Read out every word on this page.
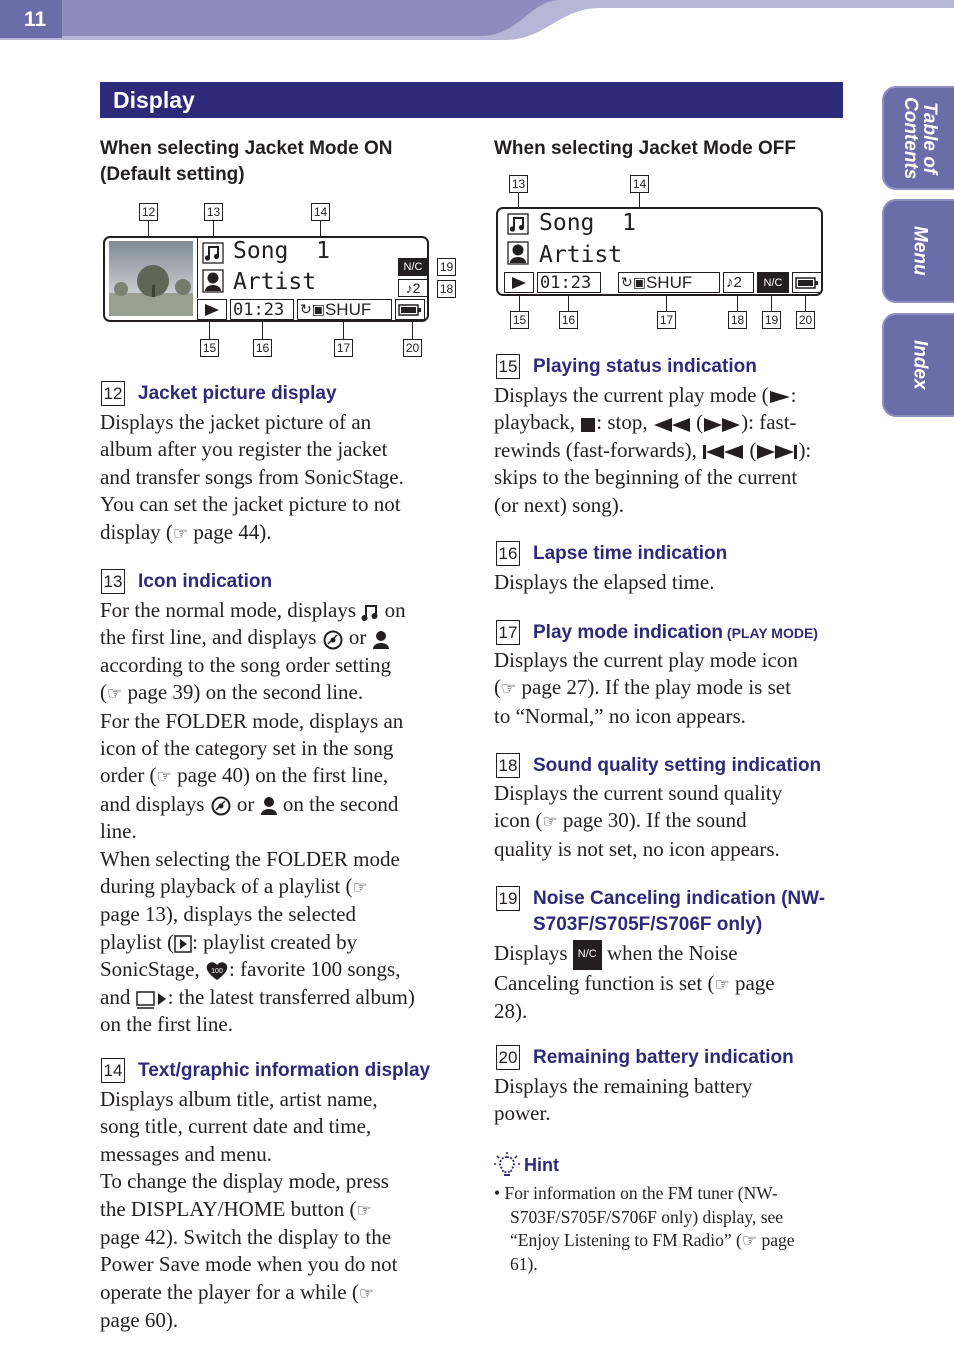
11
Table of
Contents
Menu
Index
Display
When selecting Jacket Mode ON
(Default setting)
12	13	14
Song  1
Artist
N/C
♪2
01:23	↻ ▣ SHUF
19
18
15	16	17	20
When selecting Jacket Mode OFF
13	14
Song  1
Artist
01:23	↻ ▣ SHUF ♪ 2	N/C
15	16	17	18 19 20
12 Jacket picture display
Displays the jacket picture of an
album after you register the jacket
and transfer songs from SonicStage.
You can set the jacket picture to not
display (☞ page 44).
13 Icon indication
For the normal mode, displays  on
the first line, and displays  or
according to the song order setting
(☞ page 39) on the second line.
For the FOLDER mode, displays an
icon of the category set in the song
order (☞ page 40) on the first line,
and displays  or  on the second
line.
When selecting the FOLDER mode
during playback of a playlist (☞
page 13), displays the selected
playlist ( : playlist created by
SonicStage, 100 : favorite 100 songs,
and : the latest transferred album)
on the first line.
14 Text/graphic information display
Displays album title, artist name,
song title, current date and time,
messages and menu.
To change the display mode, press
the DISPLAY/HOME button (☞
page 42). Switch the display to the
Power Save mode when you do not
operate the player for a while (☞
page 60).
15 Playing status indication
Displays the current play mode ( :
playback, : stop,  ( ): fast-
rewinds (fast-forwards),  ( ):
skips to the beginning of the current
(or next) song).
16 Lapse time indication
Displays the elapsed time.
17 Play mode indication (PLAY MODE)
Displays the current play mode icon
(☞ page 27). If the play mode is set
to “Normal,” no icon appears.
18 Sound quality setting indication
Displays the current sound quality
icon (☞ page 30). If the sound
quality is not set, no icon appears.
19 Noise Canceling indication (NW-
S703F/S705F/S706F only)
Displays N/C when the Noise
Canceling function is set (☞ page
28).
20 Remaining battery indication
Displays the remaining battery
power.
Hint
• For information on the FM tuner (NW-
S703F/S705F/S706F only) display, see
“Enjoy Listening to FM Radio” (☞ page
61).
